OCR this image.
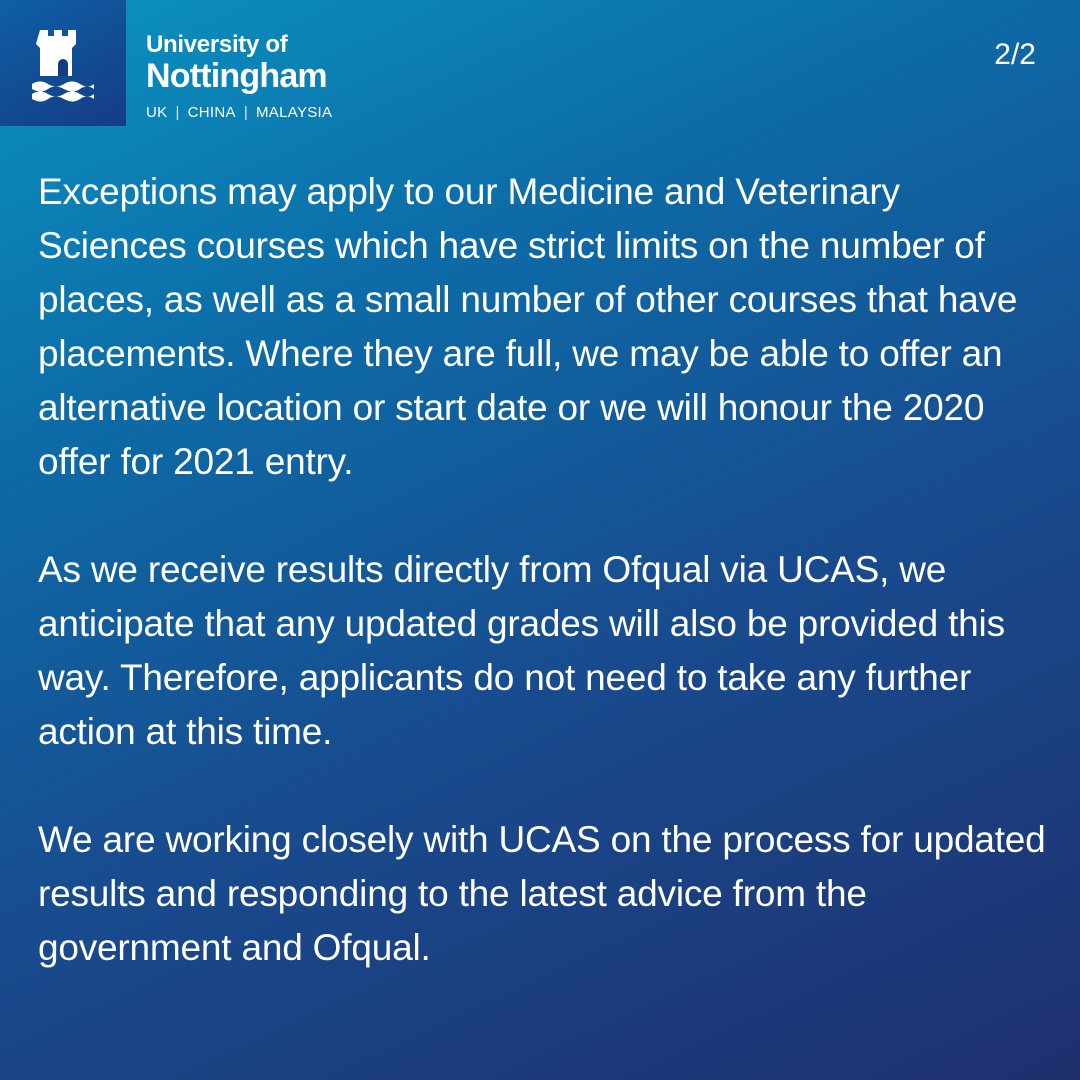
University of
Nottingham
UK | CHINA | MALAYSIA
2/2

Exceptions may apply to our Medicine and Veterinary Sciences courses which have strict limits on the number of places, as well as a small number of other courses that have placements. Where they are full, we may be able to offer an alternative location or start date or we will honour the 2020 offer for 2021 entry.

As we receive results directly from Ofqual via UCAS, we anticipate that any updated grades will also be provided this way. Therefore, applicants do not need to take any further action at this time.

We are working closely with UCAS on the process for updated results and responding to the latest advice from the government and Ofqual.
